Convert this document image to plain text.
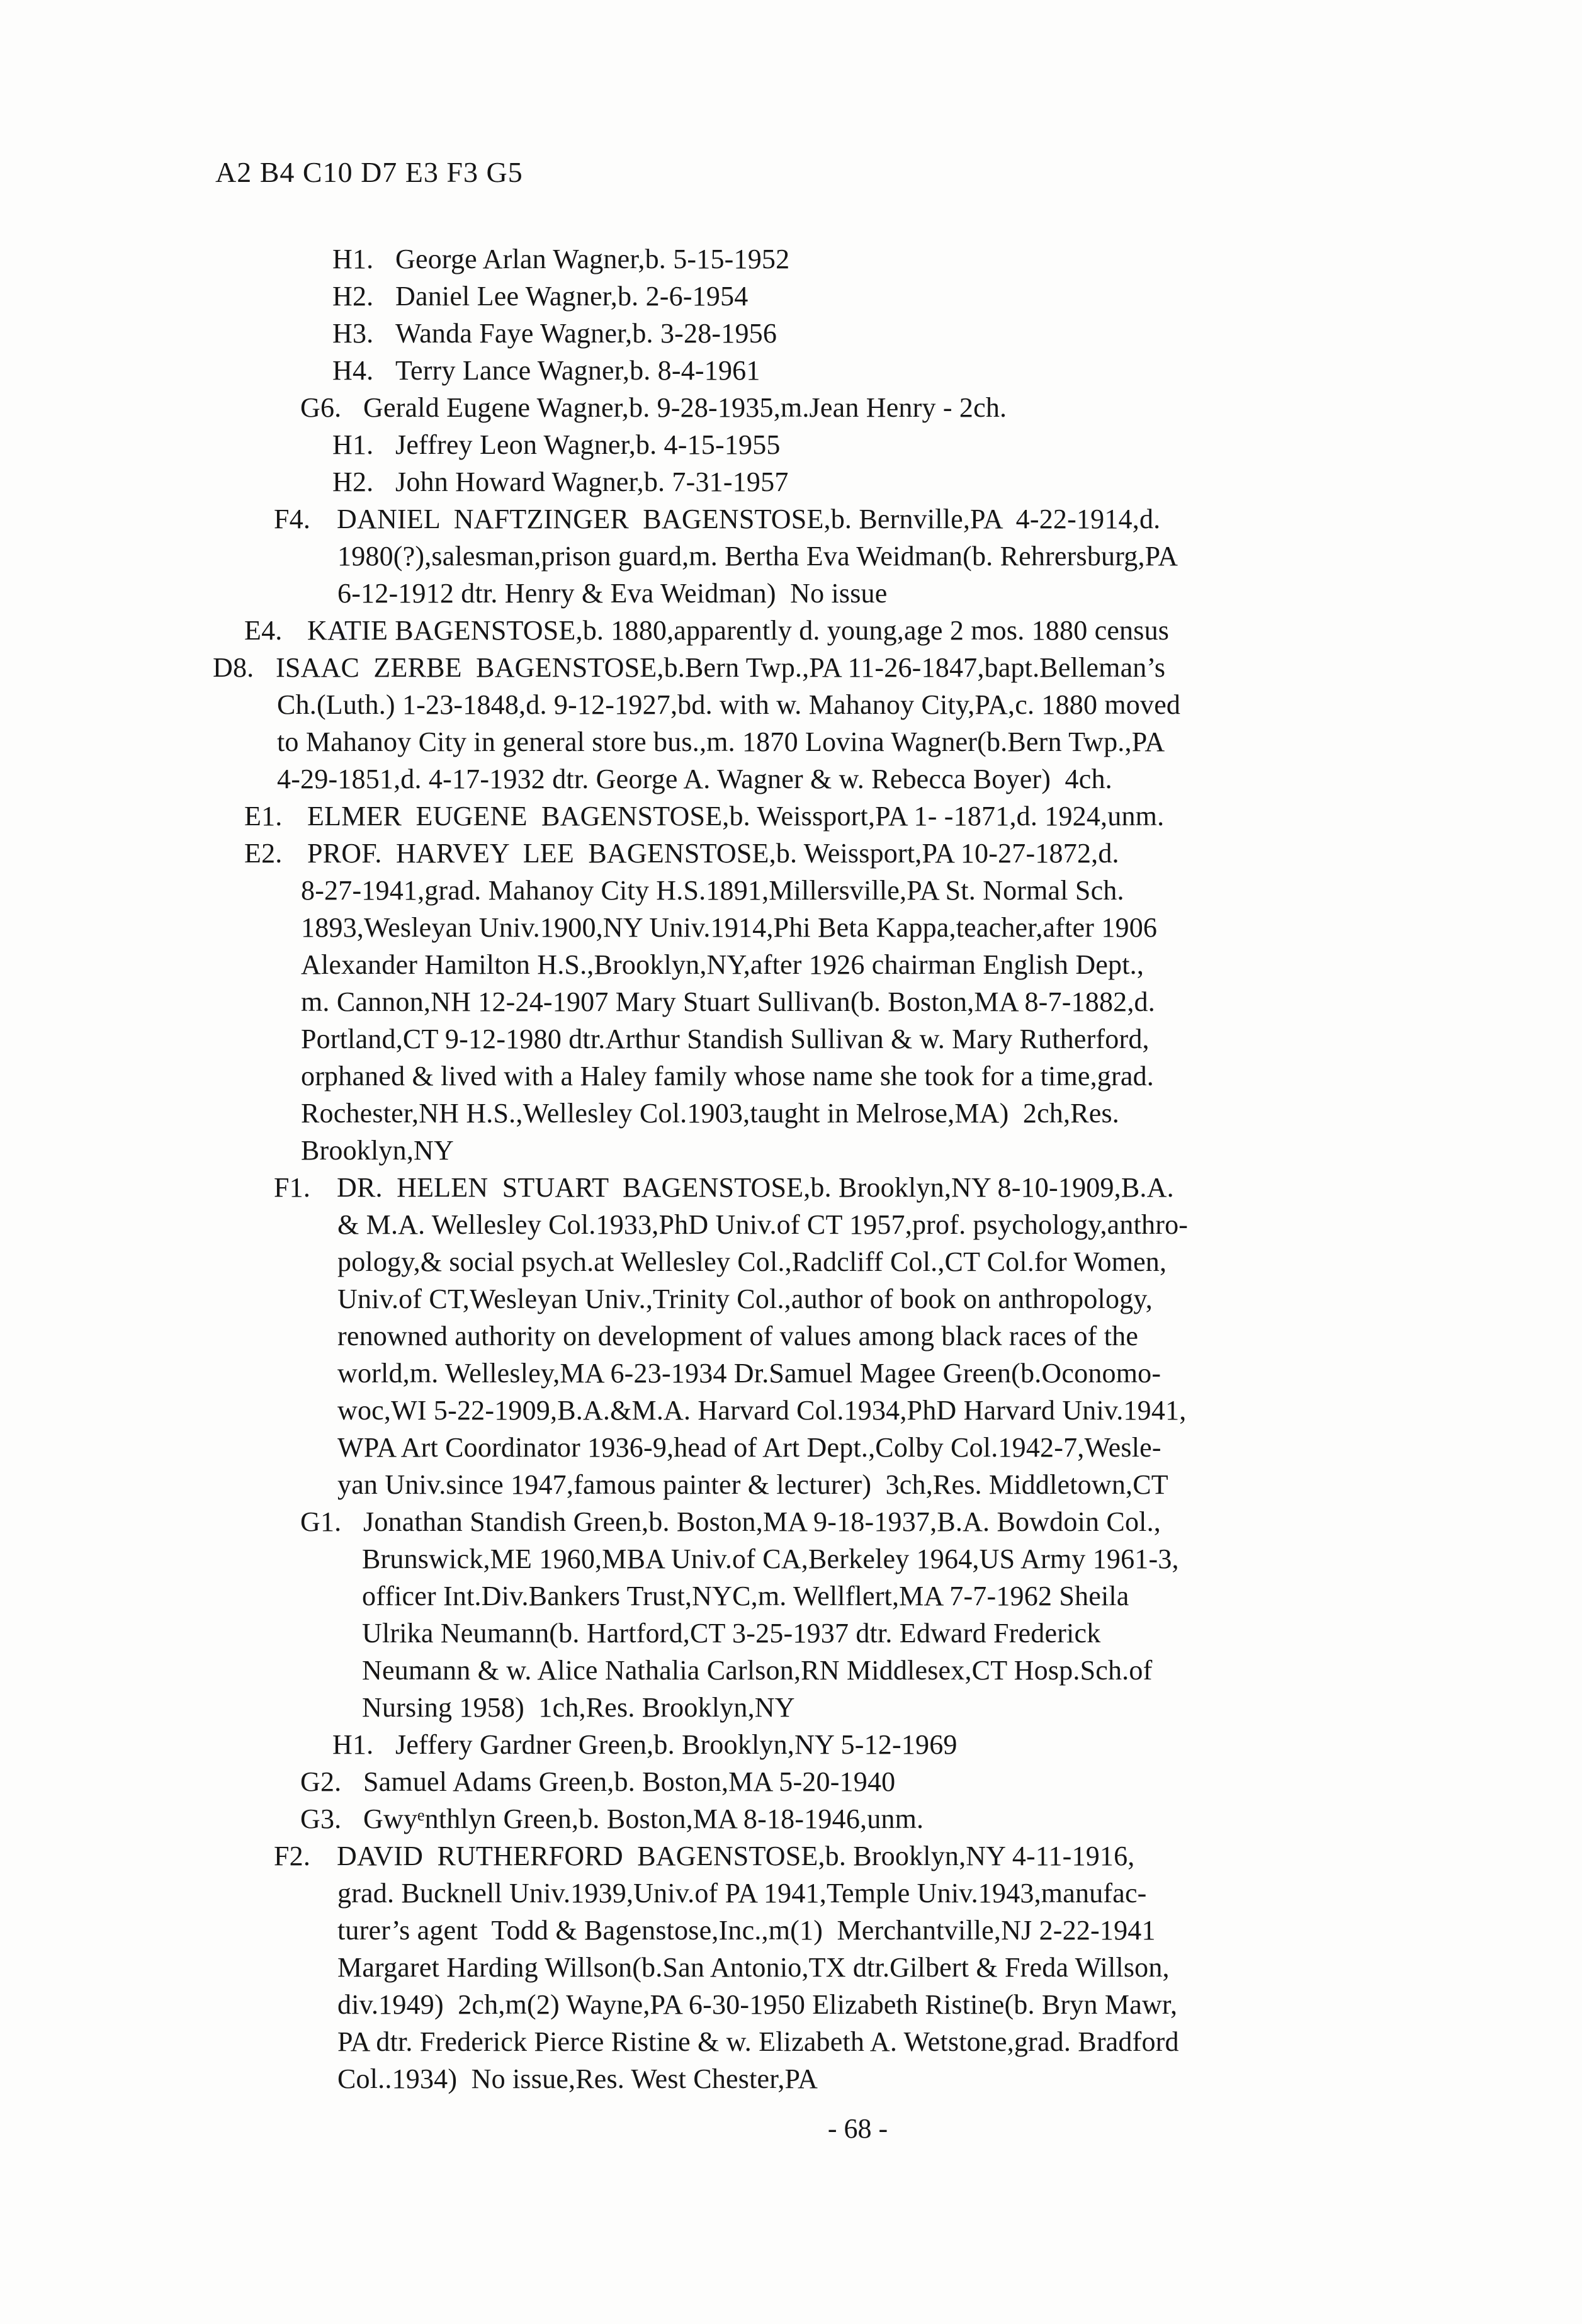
A2 B4 C10 D7 E3 F3 G5
H1. George Arlan Wagner,b. 5-15-1952
H2. Daniel Lee Wagner,b. 2-6-1954
H3. Wanda Faye Wagner,b. 3-28-1956
H4. Terry Lance Wagner,b. 8-4-1961
G6. Gerald Eugene Wagner,b. 9-28-1935,m.Jean Henry - 2ch.
H1. Jeffrey Leon Wagner,b. 4-15-1955
H2. John Howard Wagner,b. 7-31-1957
F4. DANIEL  NAFTZINGER  BAGENSTOSE,b. Bernville,PA  4-22-1914,d.
1980(?),salesman,prison guard,m. Bertha Eva Weidman(b. Rehrersburg,PA
6-12-1912 dtr. Henry & Eva Weidman)  No issue
E4. KATIE BAGENSTOSE,b. 1880,apparently d. young,age 2 mos. 1880 census
D8. ISAAC  ZERBE  BAGENSTOSE,b.Bern Twp.,PA 11-26-1847,bapt.Belleman’s
Ch.(Luth.) 1-23-1848,d. 9-12-1927,bd. with w. Mahanoy City,PA,c. 1880 moved
to Mahanoy City in general store bus.,m. 1870 Lovina Wagner(b.Bern Twp.,PA
4-29-1851,d. 4-17-1932 dtr. George A. Wagner & w. Rebecca Boyer)  4ch.
E1. ELMER  EUGENE  BAGENSTOSE,b. Weissport,PA 1- -1871,d. 1924,unm.
E2. PROF.  HARVEY  LEE  BAGENSTOSE,b. Weissport,PA 10-27-1872,d.
8-27-1941,grad. Mahanoy City H.S.1891,Millersville,PA St. Normal Sch.
1893,Wesleyan Univ.1900,NY Univ.1914,Phi Beta Kappa,teacher,after 1906
Alexander Hamilton H.S.,Brooklyn,NY,after 1926 chairman English Dept.,
m. Cannon,NH 12-24-1907 Mary Stuart Sullivan(b. Boston,MA 8-7-1882,d.
Portland,CT 9-12-1980 dtr.Arthur Standish Sullivan & w. Mary Rutherford,
orphaned & lived with a Haley family whose name she took for a time,grad.
Rochester,NH H.S.,Wellesley Col.1903,taught in Melrose,MA)  2ch,Res.
Brooklyn,NY
F1. DR.  HELEN  STUART  BAGENSTOSE,b. Brooklyn,NY 8-10-1909,B.A.
& M.A. Wellesley Col.1933,PhD Univ.of CT 1957,prof. psychology,anthro-
pology,& social psych.at Wellesley Col.,Radcliff Col.,CT Col.for Women,
Univ.of CT,Wesleyan Univ.,Trinity Col.,author of book on anthropology,
renowned authority on development of values among black races of the
world,m. Wellesley,MA 6-23-1934 Dr.Samuel Magee Green(b.Oconomo-
woc,WI 5-22-1909,B.A.&M.A. Harvard Col.1934,PhD Harvard Univ.1941,
WPA Art Coordinator 1936-9,head of Art Dept.,Colby Col.1942-7,Wesle-
yan Univ.since 1947,famous painter & lecturer)  3ch,Res. Middletown,CT
G1. Jonathan Standish Green,b. Boston,MA 9-18-1937,B.A. Bowdoin Col.,
Brunswick,ME 1960,MBA Univ.of CA,Berkeley 1964,US Army 1961-3,
officer Int.Div.Bankers Trust,NYC,m. Wellflert,MA 7-7-1962 Sheila
Ulrika Neumann(b. Hartford,CT 3-25-1937 dtr. Edward Frederick
Neumann & w. Alice Nathalia Carlson,RN Middlesex,CT Hosp.Sch.of
Nursing 1958)  1ch,Res. Brooklyn,NY
H1. Jeffery Gardner Green,b. Brooklyn,NY 5-12-1969
G2. Samuel Adams Green,b. Boston,MA 5-20-1940
G3. Gwyᵉnthlyn Green,b. Boston,MA 8-18-1946,unm.
F2. DAVID  RUTHERFORD  BAGENSTOSE,b. Brooklyn,NY 4-11-1916,
grad. Bucknell Univ.1939,Univ.of PA 1941,Temple Univ.1943,manufac-
turer’s agent  Todd & Bagenstose,Inc.,m(1)  Merchantville,NJ 2-22-1941
Margaret Harding Willson(b.San Antonio,TX dtr.Gilbert & Freda Willson,
div.1949)  2ch,m(2) Wayne,PA 6-30-1950 Elizabeth Ristine(b. Bryn Mawr,
PA dtr. Frederick Pierce Ristine & w. Elizabeth A. Wetstone,grad. Bradford
Col..1934)  No issue,Res. West Chester,PA
- 68 -
